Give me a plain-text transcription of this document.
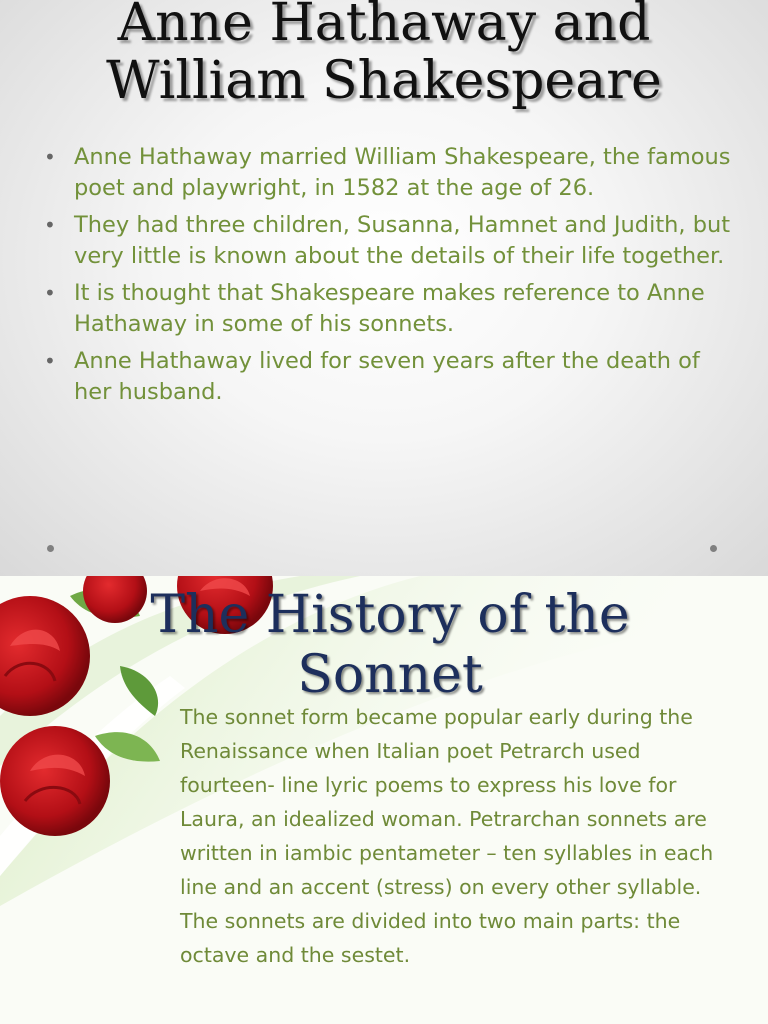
Anne Hathaway and
William Shakespeare
• Anne Hathaway married William Shakespeare, the famous poet and playwright, in 1582 at the age of 26.
• They had three children, Susanna, Hamnet and Judith, but very little is known about the details of their life together.
• It is thought that Shakespeare makes reference to Anne Hathaway in some of his sonnets.
• Anne Hathaway lived for seven years after the death of her husband.
The History of the
Sonnet

The sonnet form became popular early during the Renaissance when Italian poet Petrarch used fourteen- line lyric poems to express his love for Laura, an idealized woman. Petrarchan sonnets are written in iambic pentameter – ten syllables in each line and an accent (stress) on every other syllable. The sonnets are divided into two main parts: the octave and the sestet.
